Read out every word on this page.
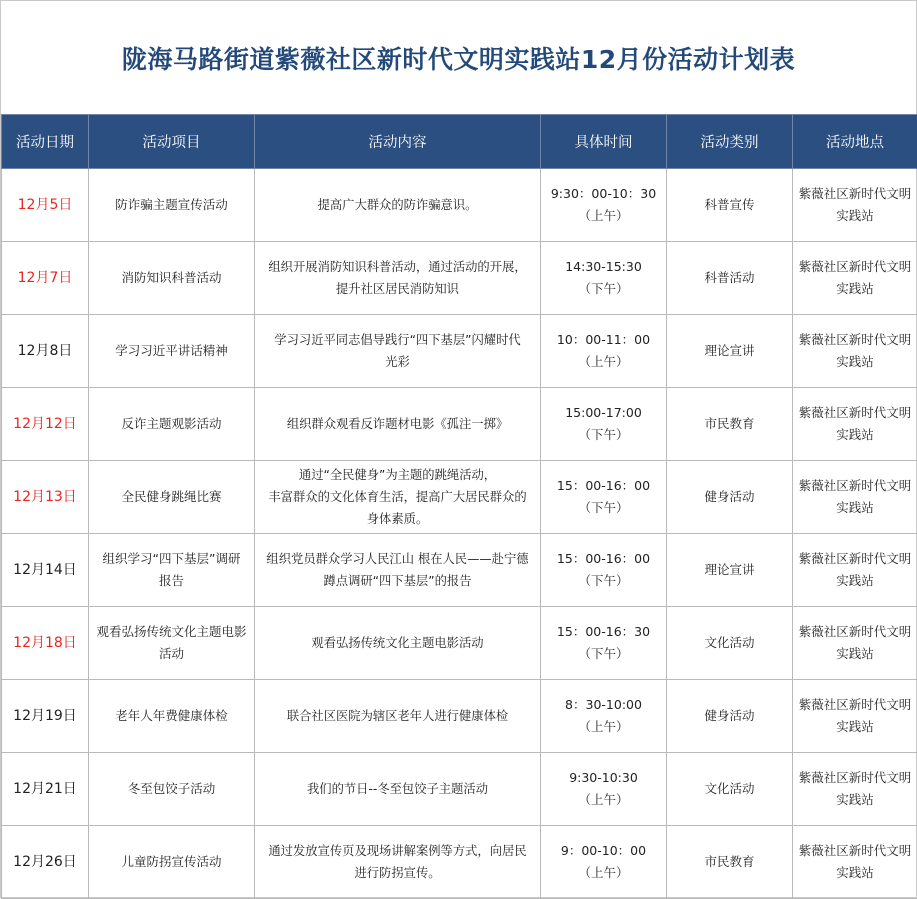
陇海马路街道紫薇社区新时代文明实践站12月份活动计划表
活动日期	活动项目	活动内容	具体时间	活动类别	活动地点
12月5日	防诈骗主题宣传活动	提高广大群众的防诈骗意识。	9:30：00-10：30
（上午）	科普宣传	紫薇社区新时代文明
实践站

12月7日	消防知识科普活动	组织开展消防知识科普活动，通过活动的开展，
提升社区居民消防知识	14:30-15:30
（下午）	科普活动	紫薇社区新时代文明
实践站

12月8日	学习习近平讲话精神	学习习近平同志倡导践行“四下基层”闪耀时代
光彩	10：00-11：00
（上午）	理论宣讲	紫薇社区新时代文明
实践站

12月12日	反诈主题观影活动	组织群众观看反诈题材电影《孤注一掷》	15:00-17:00
（下午）	市民教育	紫薇社区新时代文明
实践站

12月13日	全民健身跳绳比赛	通过“全民健身”为主题的跳绳活动，
丰富群众的文化体育生活，提高广大居民群众的
身体素质。	15：00-16：00
（下午）	健身活动	紫薇社区新时代文明
实践站

12月14日	组织学习“四下基层”调研
报告	组织党员群众学习人民江山 根在人民——赴宁德
蹲点调研“四下基层”的报告	15：00-16：00
（下午）	理论宣讲	紫薇社区新时代文明
实践站

12月18日	观看弘扬传统文化主题电影
活动	观看弘扬传统文化主题电影活动	15：00-16：30
（下午）	文化活动	紫薇社区新时代文明
实践站

12月19日	老年人年费健康体检	联合社区医院为辖区老年人进行健康体检	8：30-10:00
（上午）	健身活动	紫薇社区新时代文明
实践站

12月21日	冬至包饺子活动	我们的节日--冬至包饺子主题活动	9:30-10:30
（上午）	文化活动	紫薇社区新时代文明
实践站

12月26日	儿童防拐宣传活动	通过发放宣传页及现场讲解案例等方式，向居民
进行防拐宣传。	9：00-10：00
（上午）	市民教育	紫薇社区新时代文明
实践站
